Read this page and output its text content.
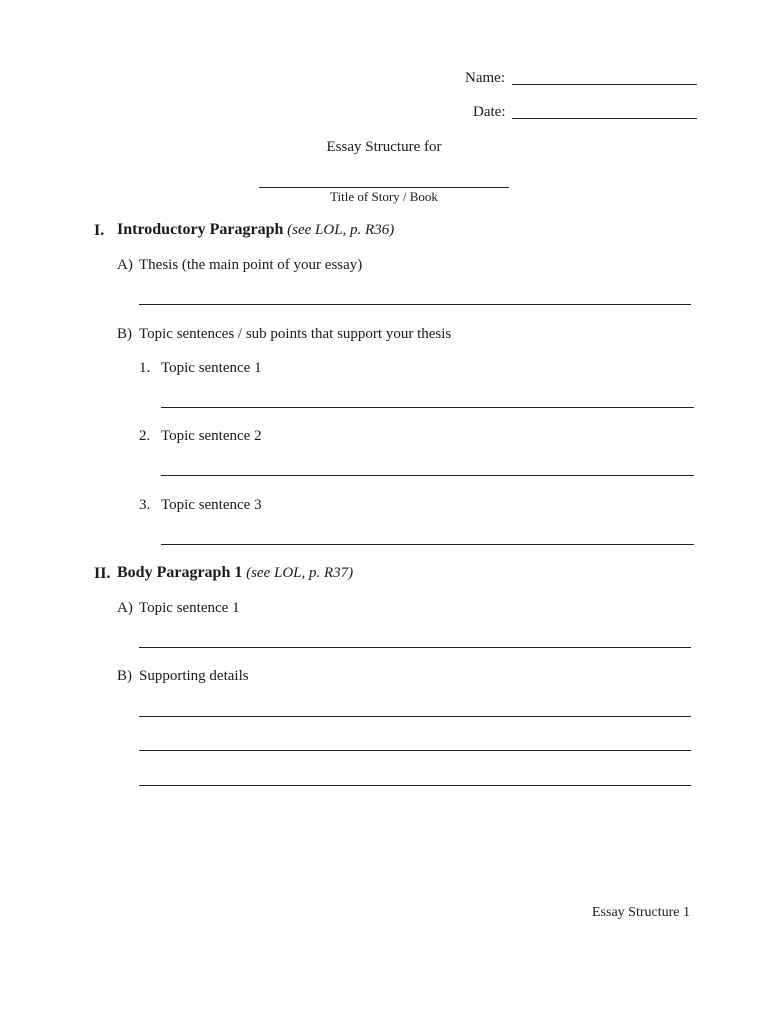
Name:
Date:
Essay Structure for
Title of Story / Book
I. Introductory Paragraph (see LOL, p. R36)
A) Thesis (the main point of your essay)
B) Topic sentences / sub points that support your thesis
1. Topic sentence 1
2. Topic sentence 2
3. Topic sentence 3
II. Body Paragraph 1 (see LOL, p. R37)
A) Topic sentence 1
B) Supporting details
Essay Structure 1
